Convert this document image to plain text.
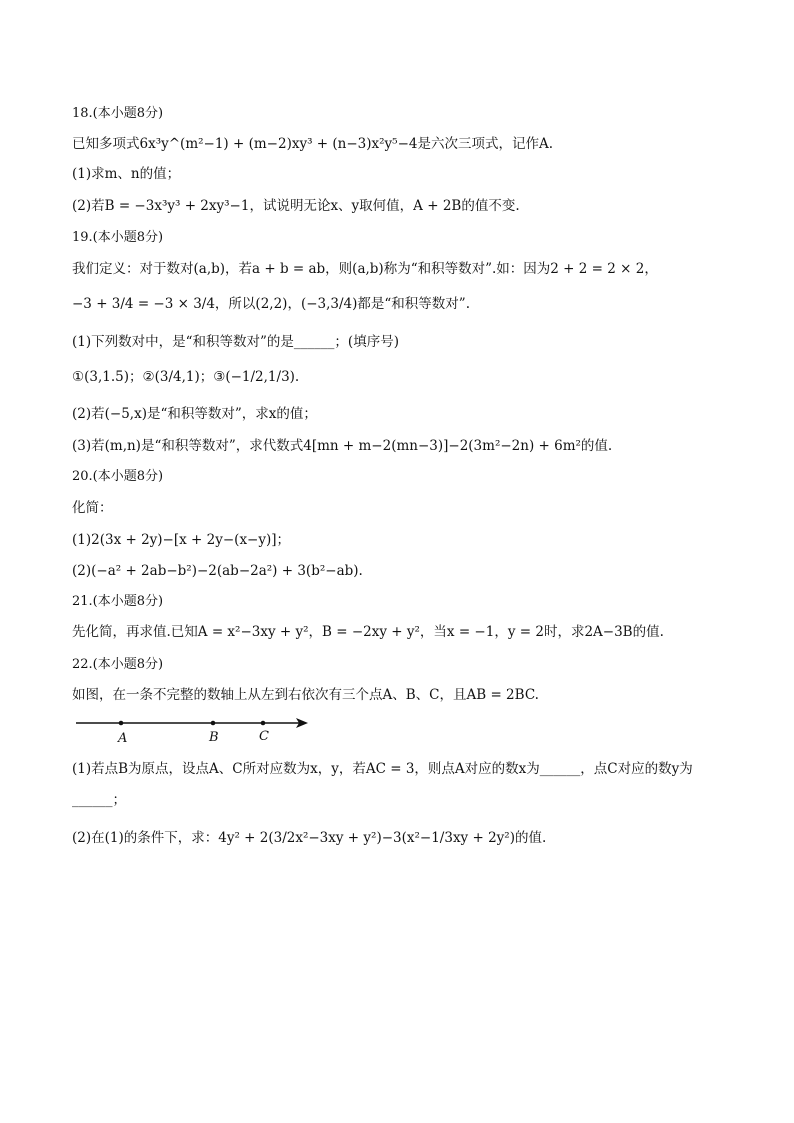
18.(本小题8分)
已知多项式6x³y^(m²−1) + (m−2)xy³ + (n−3)x²y⁵−4是六次三项式，记作A.
(1)求m、n的值；
(2)若B = −3x³y³ + 2xy³−1，试说明无论x、y取何值，A + 2B的值不变.
19.(本小题8分)
我们定义：对于数对(a,b)，若a + b = ab，则(a,b)称为“和积等数对”.如：因为2 + 2 = 2 × 2，
−3 + 3/4 = −3 × 3/4，所以(2,2)，(−3,3/4)都是“和积等数对”.
(1)下列数对中，是“和积等数对”的是______；(填序号)
①(3,1.5)；②(3/4,1)；③(−1/2,1/3).
(2)若(−5,x)是“和积等数对”，求x的值；
(3)若(m,n)是“和积等数对”，求代数式4[mn + m−2(mn−3)]−2(3m²−2n) + 6m²的值.
20.(本小题8分)
化简：
(1)2(3x + 2y)−[x + 2y−(x−y)]；
(2)(−a² + 2ab−b²)−2(ab−2a²) + 3(b²−ab).
21.(本小题8分)
先化简，再求值.已知A = x²−3xy + y²，B = −2xy + y²，当x = −1，y = 2时，求2A−3B的值.
22.(本小题8分)
如图，在一条不完整的数轴上从左到右依次有三个点A、B、C，且AB = 2BC.
A	B	C
(1)若点B为原点，设点A、C所对应数为x，y，若AC = 3，则点A对应的数x为______，点C对应的数y为
______；
(2)在(1)的条件下，求：4y² + 2(3/2x²−3xy + y²)−3(x²−1/3xy + 2y²)的值.
